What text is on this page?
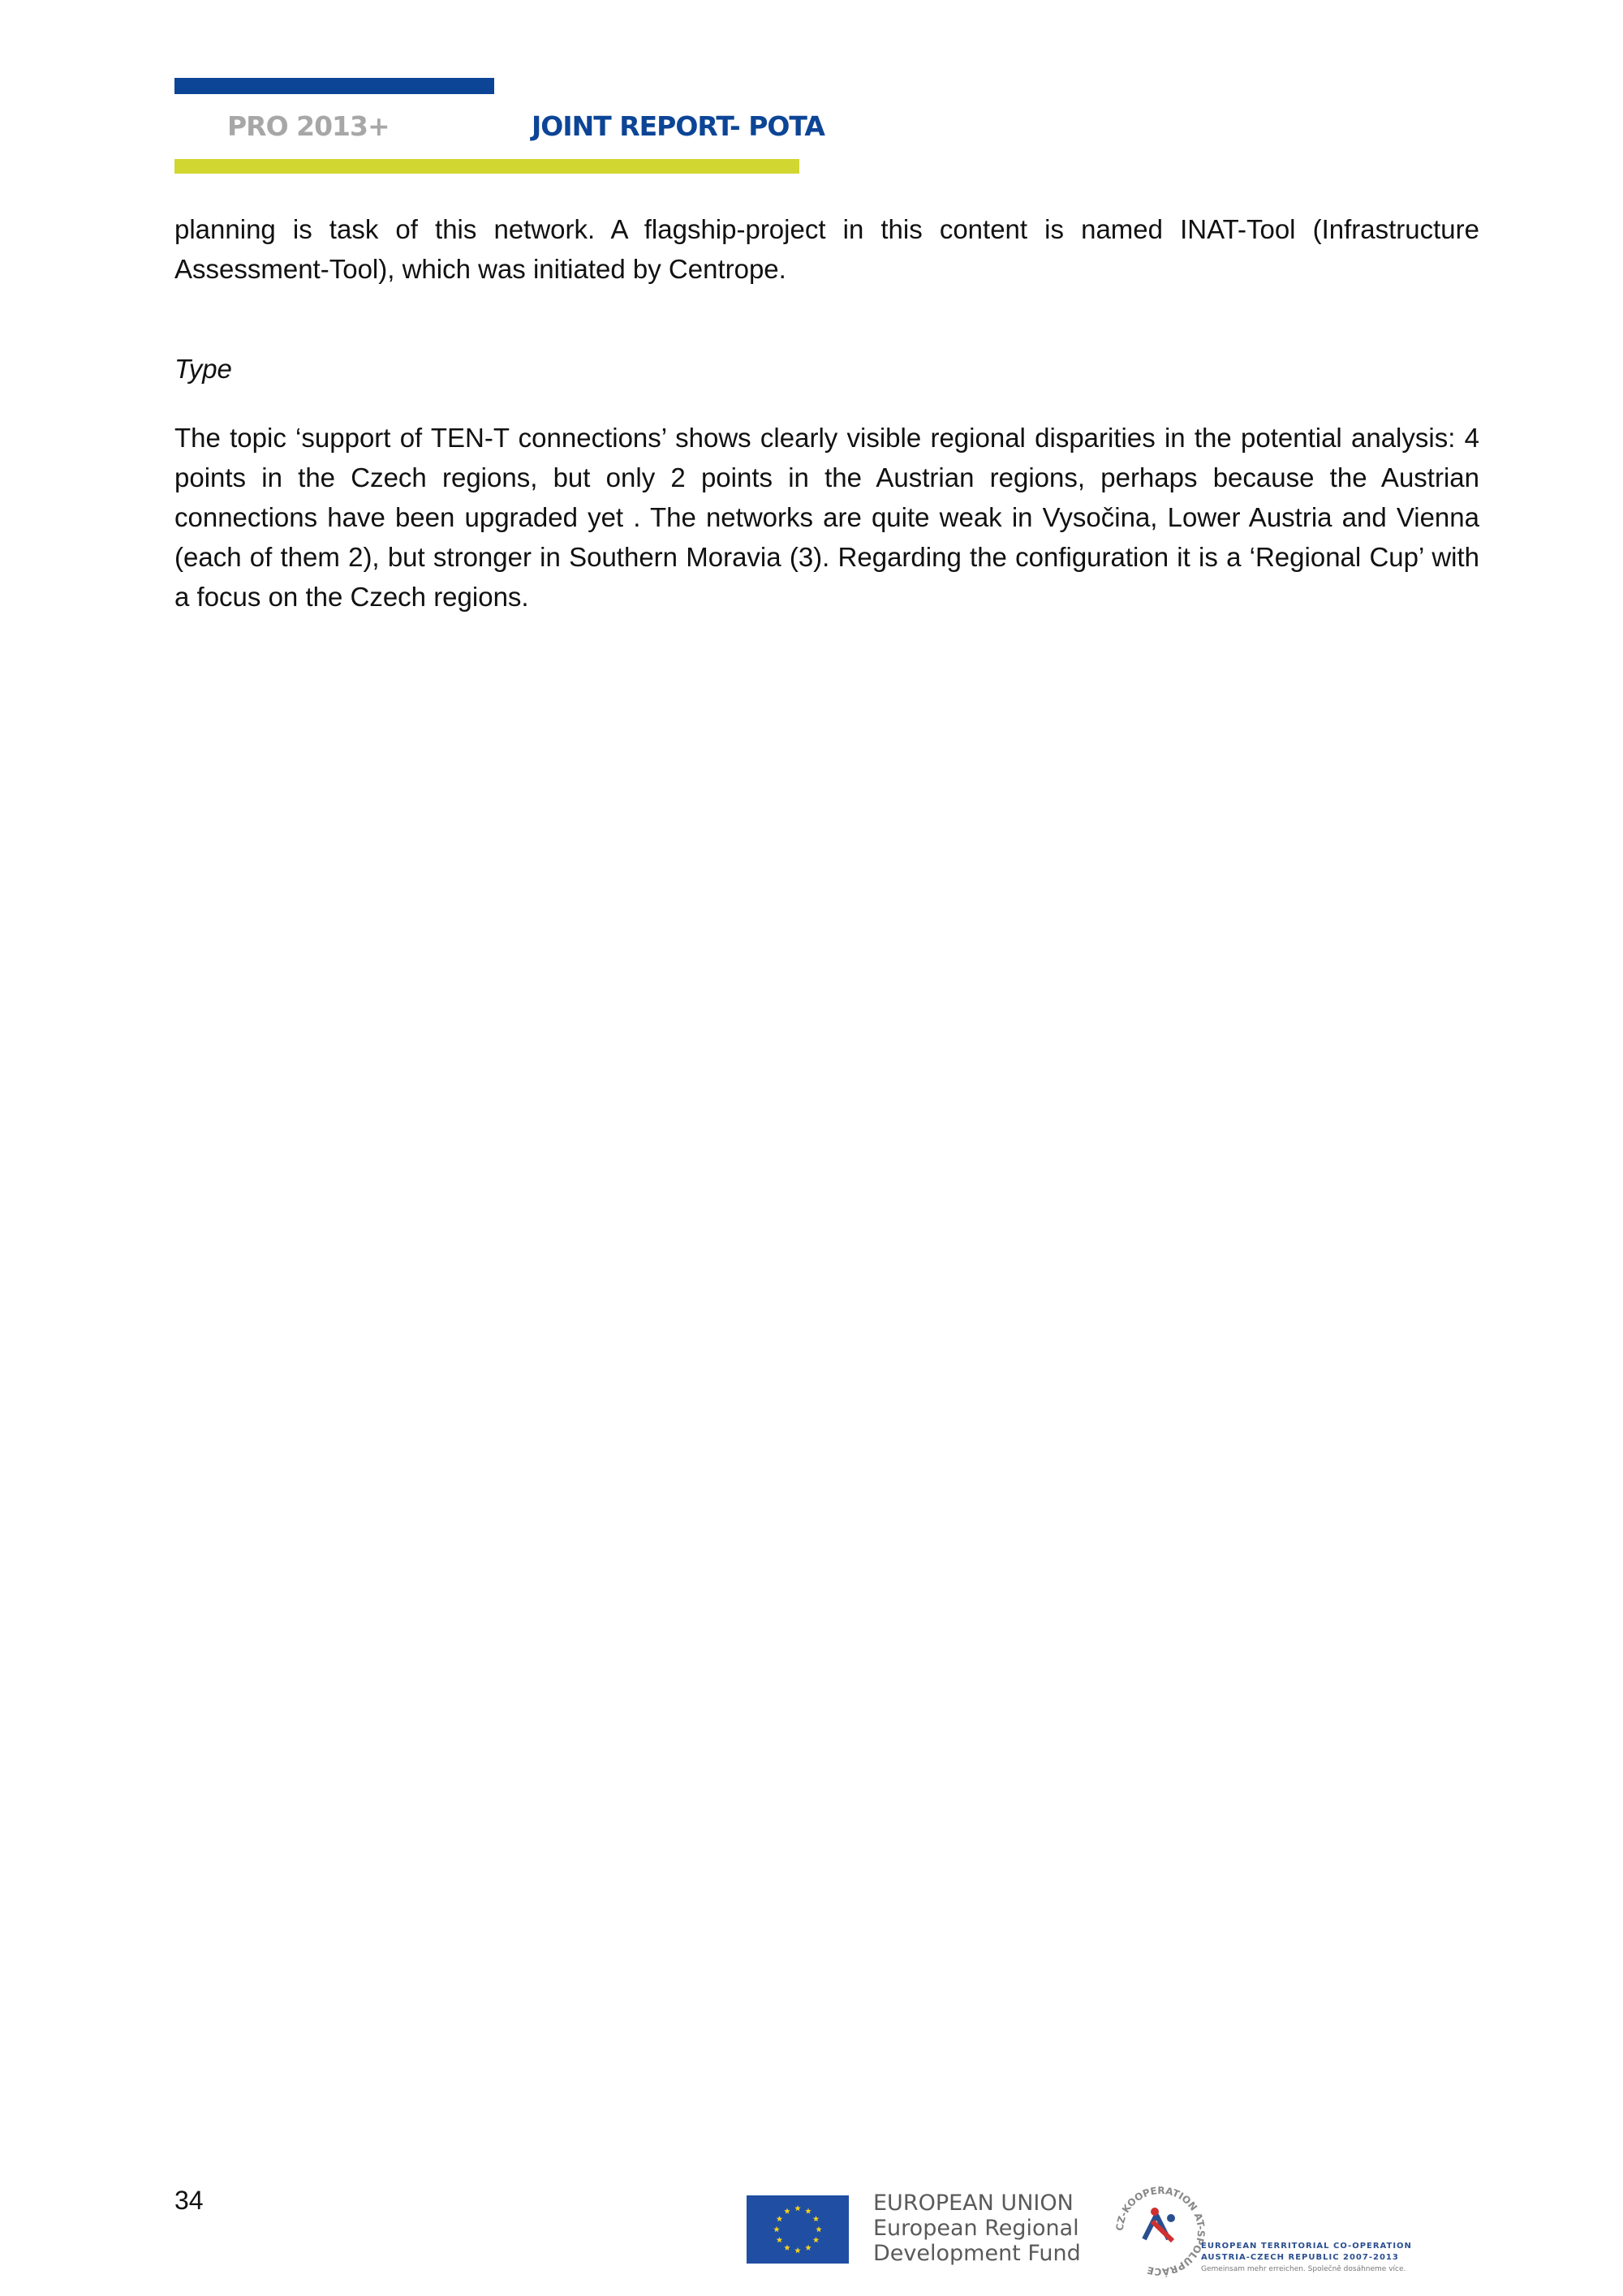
PRO 2013+	JOINT REPORT- POTA
planning is task of this network. A flagship-project in this content is named INAT-Tool (Infrastructure Assessment-Tool), which was initiated by Centrope.
Type
The topic ‘support of TEN-T connections’ shows clearly visible regional disparities in the potential analysis: 4 points in the Czech regions, but only 2 points in the Austrian regions, perhaps because the Austrian connections have been upgraded yet . The networks are quite weak in Vysočina, Lower Austria and Vienna (each of them 2), but stronger in Southern Moravia (3). Regarding the configuration it is a ‘Regional Cup’ with a focus on the Czech regions.
34	EUROPEAN UNION
European Regional
Development Fund
CZ-KOOPERATION AT-SPOLUPRÁCE
EUROPEAN TERRITORIAL CO-OPERATION
AUSTRIA-CZECH REPUBLIC 2007-2013
Gemeinsam mehr erreichen. Společně dosáhneme více.
